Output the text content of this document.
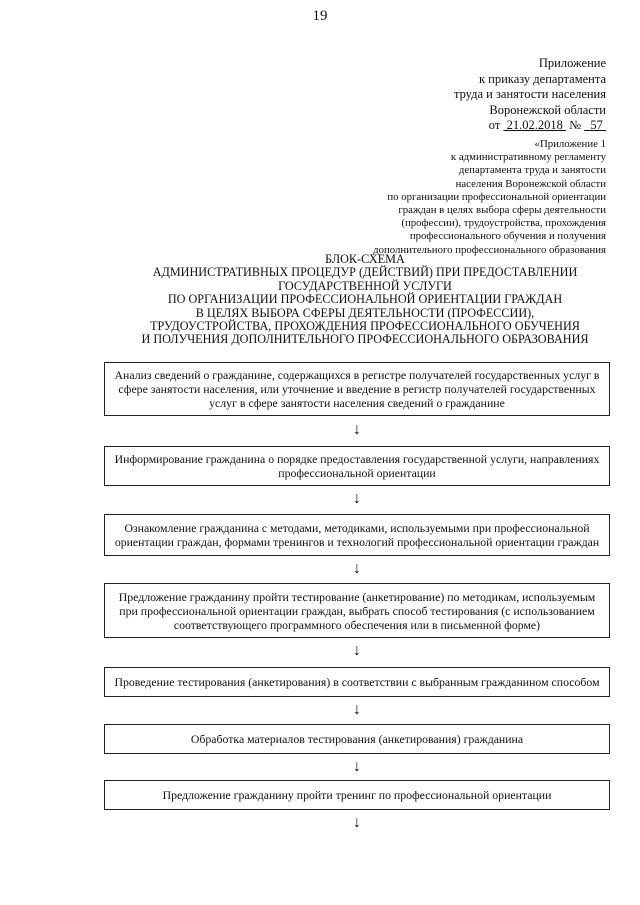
19
Приложение
к приказу департамента
труда и занятости населения
Воронежской области
от 21.02.2018 № 57
«Приложение 1
к административному регламенту
департамента труда и занятости
населения Воронежской области
по организации профессиональной ориентации
граждан в целях выбора сферы деятельности
(профессии), трудоустройства, прохождения
профессионального обучения и получения
дополнительного профессионального образования
БЛОК-СХЕМА
АДМИНИСТРАТИВНЫХ ПРОЦЕДУР (ДЕЙСТВИЙ) ПРИ ПРЕДОСТАВЛЕНИИ
ГОСУДАРСТВЕННОЙ УСЛУГИ
ПО ОРГАНИЗАЦИИ ПРОФЕССИОНАЛЬНОЙ ОРИЕНТАЦИИ ГРАЖДАН
В ЦЕЛЯХ ВЫБОРА СФЕРЫ ДЕЯТЕЛЬНОСТИ (ПРОФЕССИИ),
ТРУДОУСТРОЙСТВА, ПРОХОЖДЕНИЯ ПРОФЕССИОНАЛЬНОГО ОБУЧЕНИЯ
И ПОЛУЧЕНИЯ ДОПОЛНИТЕЛЬНОГО ПРОФЕССИОНАЛЬНОГО ОБРАЗОВАНИЯ
Анализ сведений о гражданине, содержащихся в регистре получателей государственных услуг в сфере занятости населения, или уточнение и введение в регистр получателей государственных услуг в сфере занятости населения сведений о гражданине
↓
Информирование гражданина о порядке предоставления государственной услуги, направлениях профессиональной ориентации
↓
Ознакомление гражданина с методами, методиками, используемыми при профессиональной ориентации граждан, формами тренингов и технологий профессиональной ориентации граждан
↓
Предложение гражданину пройти тестирование (анкетирование) по методикам, используемым при профессиональной ориентации граждан, выбрать способ тестирования (с использованием соответствующего программного обеспечения или в письменной форме)
↓
Проведение тестирования (анкетирования) в соответствии с выбранным гражданином способом
↓
Обработка материалов тестирования (анкетирования) гражданина
↓
Предложение гражданину пройти тренинг по профессиональной ориентации
↓
